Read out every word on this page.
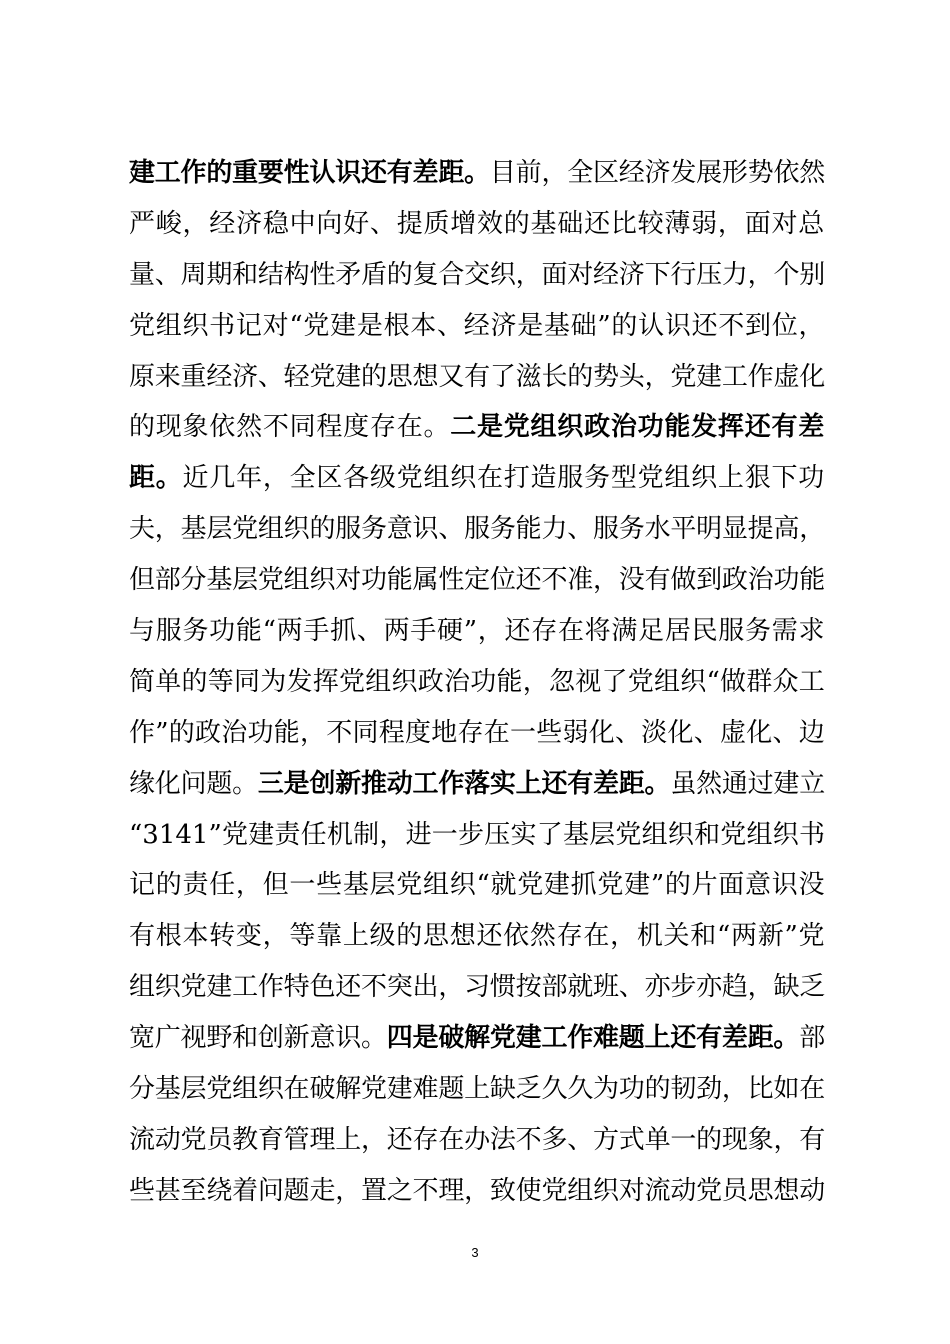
建工作的重要性认识还有差距。目前，全区经济发展形势依然
严峻，经济稳中向好、提质增效的基础还比较薄弱，面对总
量、周期和结构性矛盾的复合交织，面对经济下行压力，个别
党组织书记对“党建是根本、经济是基础”的认识还不到位，
原来重经济、轻党建的思想又有了滋长的势头，党建工作虚化
的现象依然不同程度存在。二是党组织政治功能发挥还有差
距。近几年，全区各级党组织在打造服务型党组织上狠下功
夫，基层党组织的服务意识、服务能力、服务水平明显提高，
但部分基层党组织对功能属性定位还不准，没有做到政治功能
与服务功能“两手抓、两手硬”，还存在将满足居民服务需求
简单的等同为发挥党组织政治功能，忽视了党组织“做群众工
作”的政治功能，不同程度地存在一些弱化、淡化、虚化、边
缘化问题。三是创新推动工作落实上还有差距。虽然通过建立
“3141”党建责任机制，进一步压实了基层党组织和党组织书
记的责任，但一些基层党组织“就党建抓党建”的片面意识没
有根本转变，等靠上级的思想还依然存在，机关和“两新”党
组织党建工作特色还不突出，习惯按部就班、亦步亦趋，缺乏
宽广视野和创新意识。四是破解党建工作难题上还有差距。部
分基层党组织在破解党建难题上缺乏久久为功的韧劲，比如在
流动党员教育管理上，还存在办法不多、方式单一的现象，有
些甚至绕着问题走，置之不理，致使党组织对流动党员思想动
3
